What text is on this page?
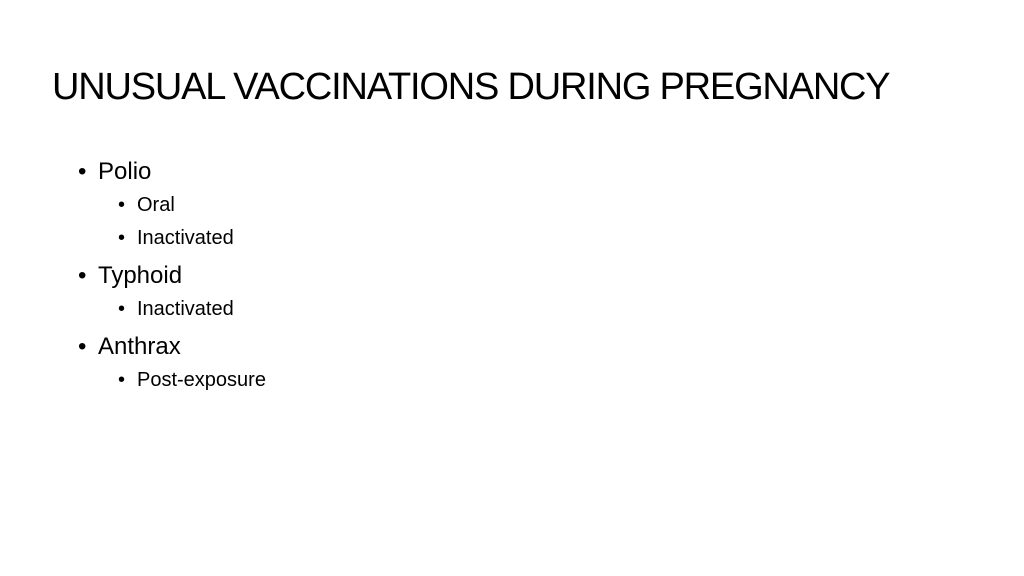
UNUSUAL VACCINATIONS DURING PREGNANCY
• Polio
• Oral
• Inactivated
• Typhoid
• Inactivated
• Anthrax
• Post-exposure
